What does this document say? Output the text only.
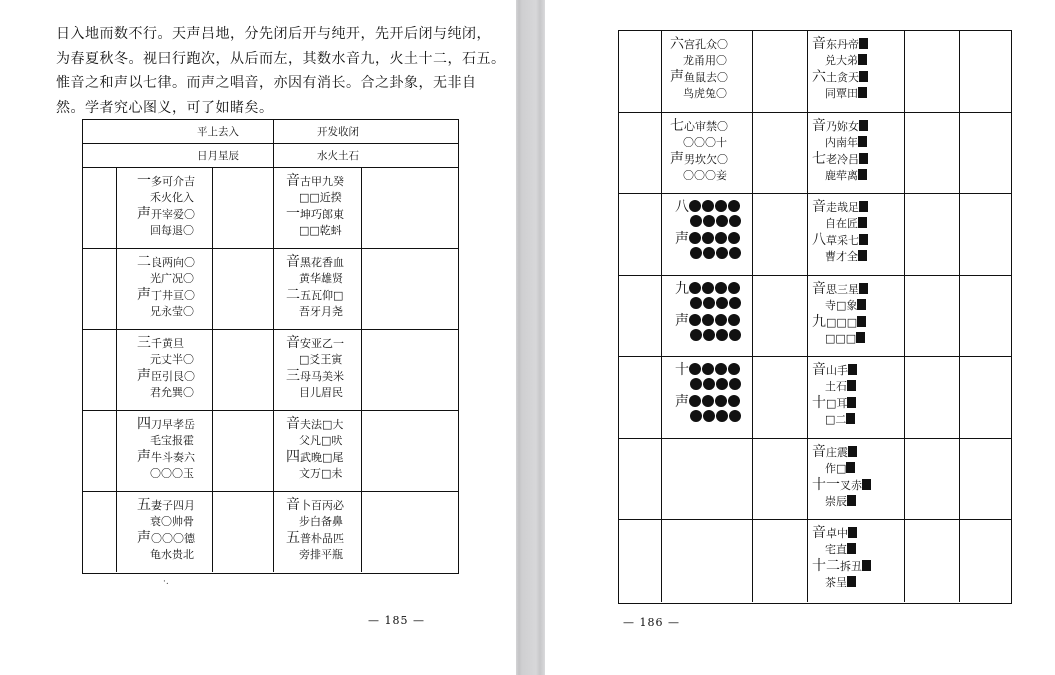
日入地而数不行。天声吕地，分先闭后开与纯开，先开后闭与纯闭，

为春夏秋冬。视曰行跑次，从后而左，其数水音九，火土十二，石五。

惟音之和声以七律。而声之唱音，亦因有消长。合之卦象，无非自

然。学者究心图义，可了如睹矣。

平上去入	开发收闭
日月星辰	水火土石
一多可介吉
禾火化入
声开宰爱〇
回每退〇
音古甲九癸
□□近揆
一坤巧郎東
□□乾蚪
二良两向〇
光广况〇
声丁井亘〇
兄永莹〇
音黑花香血
黄华雄贤
二五瓦仰□
吾牙月尧
三千黄旦
元丈半〇
声臣引艮〇
君允巽〇
音安亚乙一
□爻王寅
三母马美米
目儿眉民
四刀早孝岳
毛宝报霍
声牛斗奏六
〇〇〇玉
音夫法□大
父凡□吠
四武晚□尾
文万□未
五妻子四月
衰〇帅骨
声〇〇〇德
龟水贵北
音卜百丙必
步白备鼻
五普朴品匹
旁排平瓶
— 185 —
·.
六宫孔众〇
龙甬用〇
声鱼鼠去〇
鸟虎兔〇
音东丹帝
兑大弟
六土贪天
同覃田
七心审禁〇
〇〇〇十
声男坎欠〇
〇〇〇妾
音乃妳女
内南年
七老冷吕
鹿荦离
八
声
音走哉足
自在匠
八草采七
曹才全
九
声
音思三星
寺□象
九□□□
□□□
十
声
音山手
土石
十□耳
□二
音庄震
作□
十一叉赤
崇辰
音卓中
宅直
十二拆丑
茶呈
— 186 —
